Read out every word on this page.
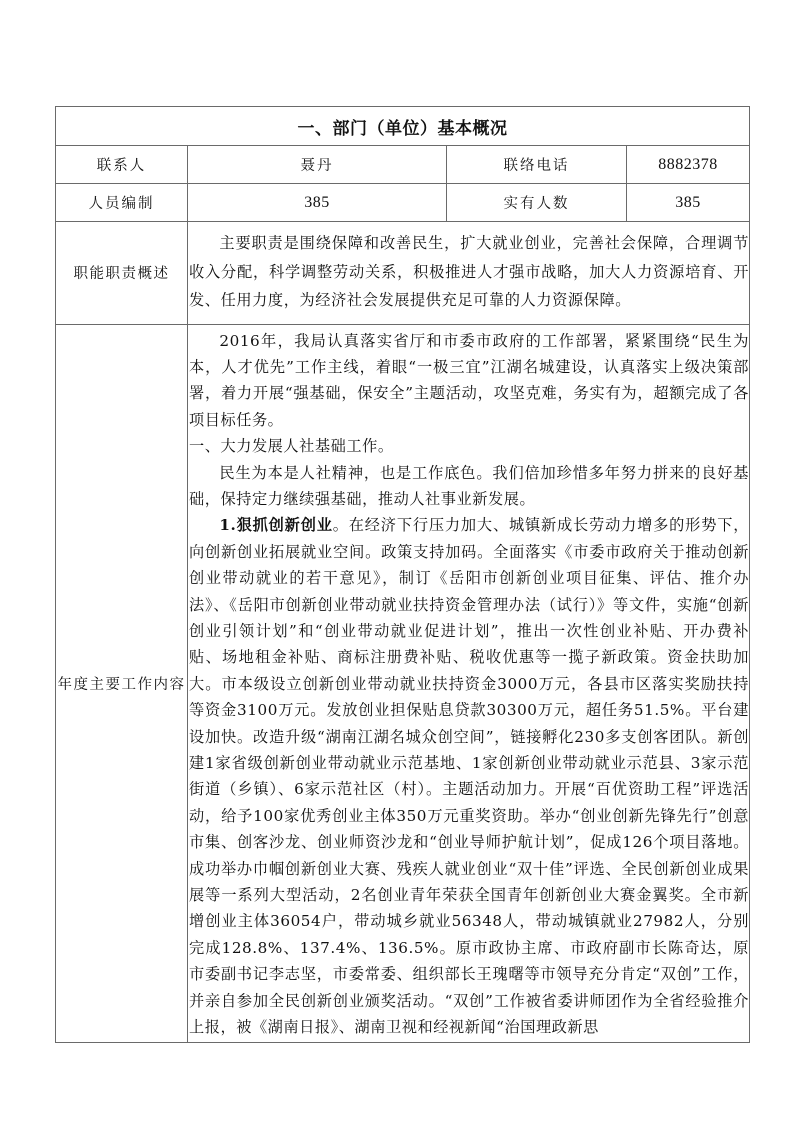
一、部门（单位）基本概况			
联系人	聂丹	联络电话	8882378
人员编制	385	实有人数	385
职能职责概述	主要职责是围绕保障和改善民生，扩大就业创业，完善社会保障，合理调节收入分配，科学调整劳动关系，积极推进人才强市战略，加大人力资源培育、开发、任用力度，为经济社会发展提供充足可靠的人力资源保障。		

年度主要工作内容	2016年，我局认真落实省厅和市委市政府的工作部署，紧紧围绕“民生为本，人才优先”工作主线，着眼“一极三宜”江湖名城建设，认真落实上级决策部署，着力开展“强基础，保安全”主题活动，攻坚克难，务实有为，超额完成了各项目标任务。

一、大力发展人社基础工作。

民生为本是人社精神，也是工作底色。我们倍加珍惜多年努力拼来的良好基础，保持定力继续强基础，推动人社事业新发展。

1.狠抓创新创业。在经济下行压力加大、城镇新成长劳动力增多的形势下，向创新创业拓展就业空间。政策支持加码。全面落实《市委市政府关于推动创新创业带动就业的若干意见》，制订《岳阳市创新创业项目征集、评估、推介办法》、《岳阳市创新创业带动就业扶持资金管理办法（试行）》等文件，实施“创新创业引领计划”和“创业带动就业促进计划”，推出一次性创业补贴、开办费补贴、场地租金补贴、商标注册费补贴、税收优惠等一揽子新政策。资金扶助加大。市本级设立创新创业带动就业扶持资金3000万元，各县市区落实奖励扶持等资金3100万元。发放创业担保贴息贷款30300万元，超任务51.5%。平台建设加快。改造升级“湖南江湖名城众创空间”，链接孵化230多支创客团队。新创建1家省级创新创业带动就业示范基地、1家创新创业带动就业示范县、3家示范街道（乡镇）、6家示范社区（村）。主题活动加力。开展“百优资助工程”评选活动，给予100家优秀创业主体350万元重奖资助。举办“创业创新先锋先行”创意市集、创客沙龙、创业师资沙龙和“创业导师护航计划”，促成126个项目落地。成功举办巾帼创新创业大赛、残疾人就业创业“双十佳”评选、全民创新创业成果展等一系列大型活动，2名创业青年荣获全国青年创新创业大赛金翼奖。全市新增创业主体36054户，带动城乡就业56348人，带动城镇就业27982人，分别完成128.8%、137.4%、136.5%。原市政协主席、市政府副市长陈奇达，原市委副书记李志坚，市委常委、组织部长王瑰曙等市领导充分肯定“双创”工作，并亲自参加全民创新创业颁奖活动。“双创”工作被省委讲师团作为全省经验推介上报，被《湖南日报》、湖南卫视和经视新闻“治国理政新思		
